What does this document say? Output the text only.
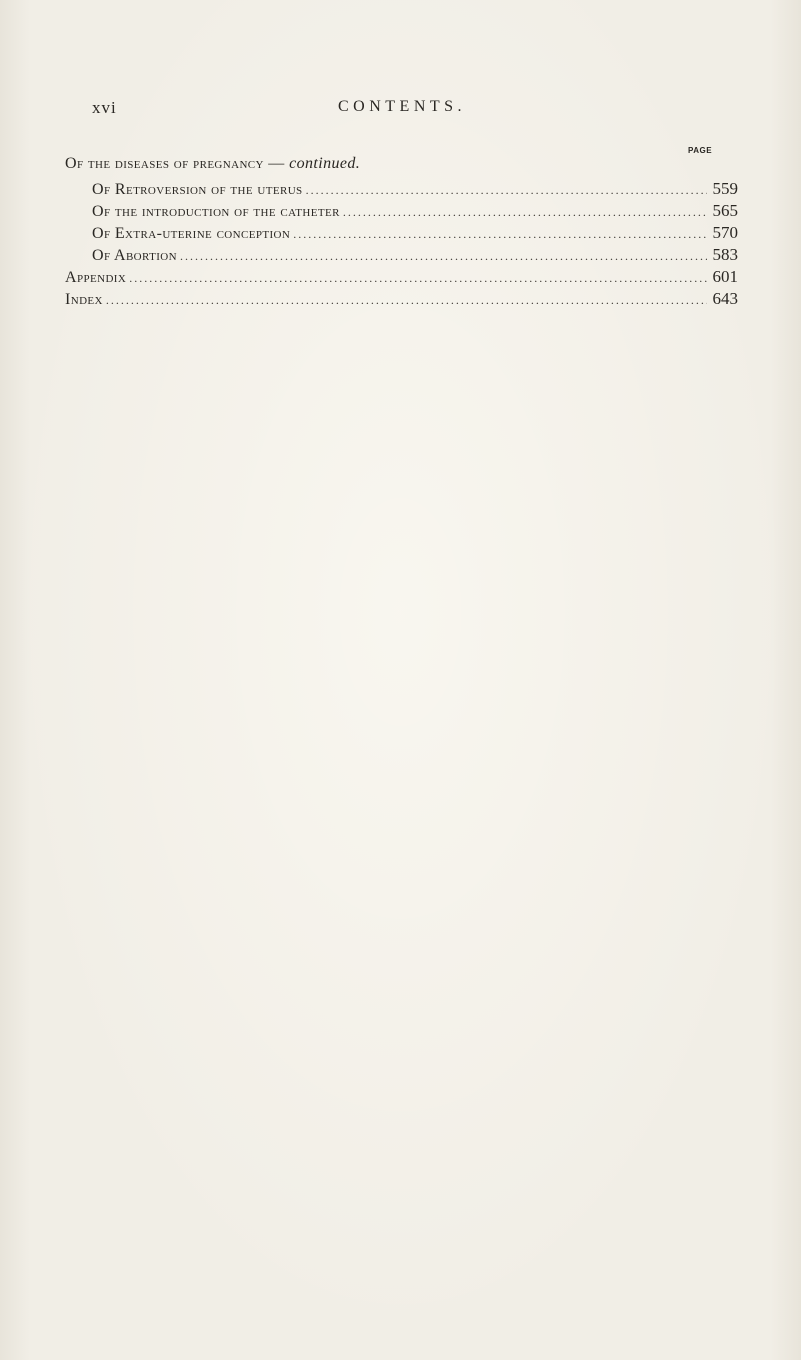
xvi	CONTENTS.
PAGE
Of the diseases of pregnancy — continued.
Of Retroversion of the uterus .....	559
Of the introduction of the catheter .....	565
Of Extra-uterine conception .....	570
Of Abortion .....	583
Appendix .....	601
Index .....	643
